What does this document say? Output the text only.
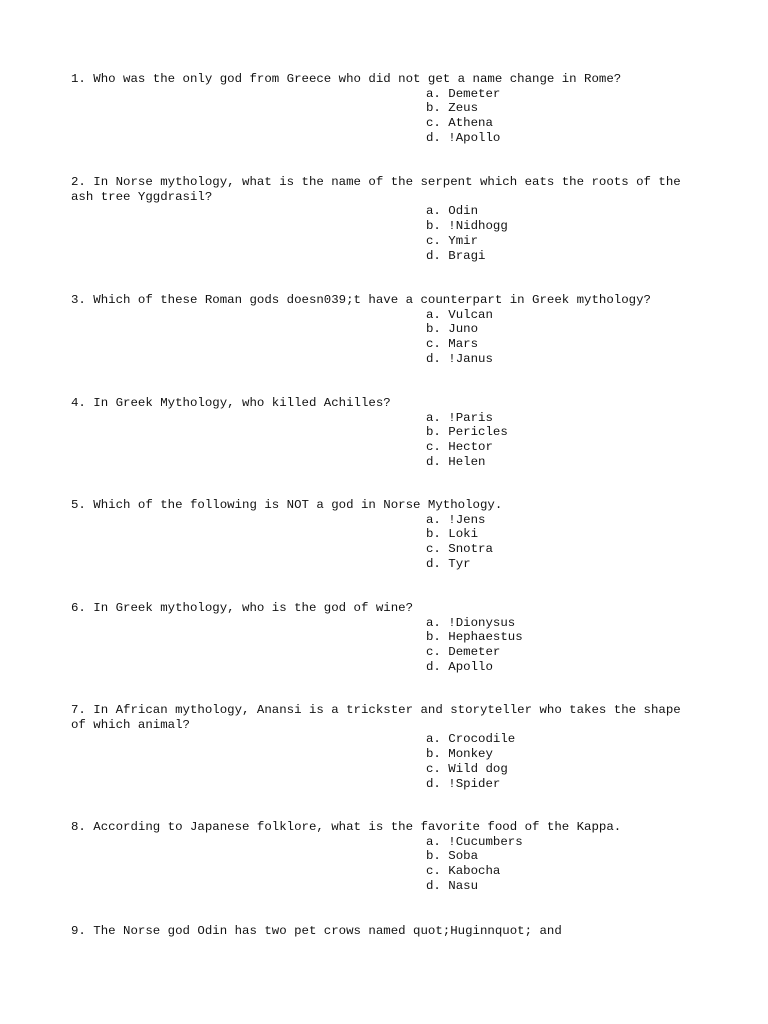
1. Who was the only god from Greece who did not get a name change in Rome?
a. Demeter
b. Zeus
c. Athena
d. !Apollo
2. In Norse mythology, what is the name of the serpent which eats the roots of the ash tree Yggdrasil?
a. Odin
b. !Nidhogg
c. Ymir
d. Bragi
3. Which of these Roman gods doesn039;t have a counterpart in Greek mythology?
a. Vulcan
b. Juno
c. Mars
d. !Janus
4. In Greek Mythology, who killed Achilles?
a. !Paris
b. Pericles
c. Hector
d. Helen
5. Which of the following is NOT a god in Norse Mythology.
a. !Jens
b. Loki
c. Snotra
d. Tyr
6. In Greek mythology, who is the god of wine?
a. !Dionysus
b. Hephaestus
c. Demeter
d. Apollo
7. In African mythology, Anansi is a trickster and storyteller who takes the shape of which animal?
a. Crocodile
b. Monkey
c. Wild dog
d. !Spider
8. According to Japanese folklore, what is the favorite food of the Kappa.
a. !Cucumbers
b. Soba
c. Kabocha
d. Nasu
9. The Norse god Odin has two pet crows named quot;Huginnquot; and
